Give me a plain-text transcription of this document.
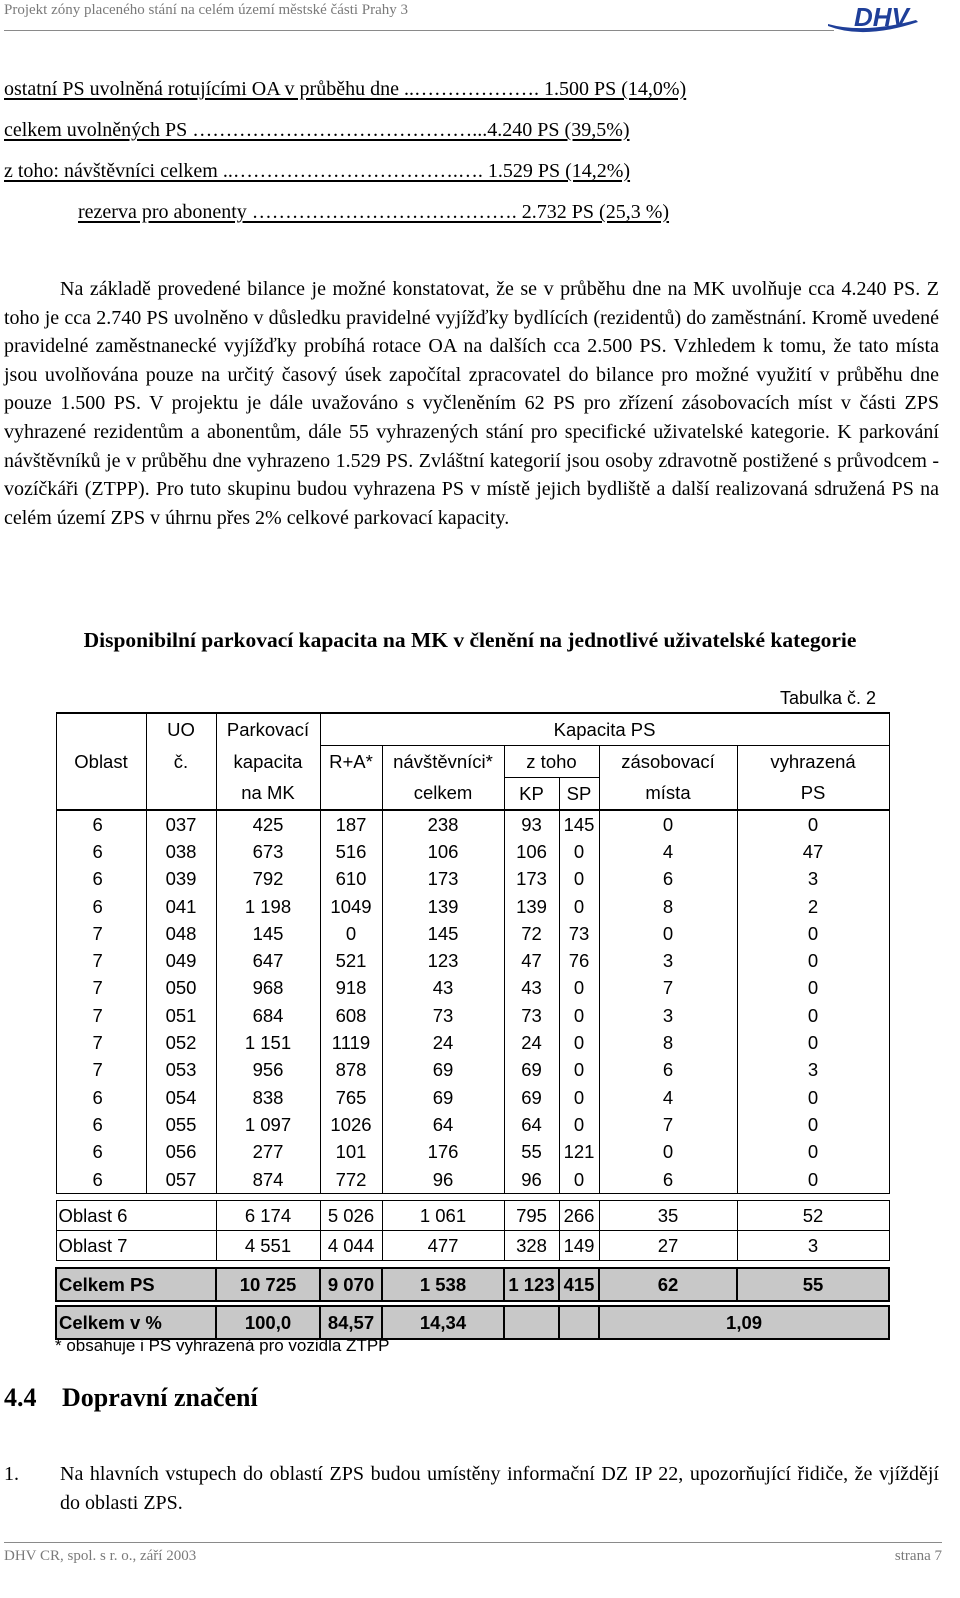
Projekt zóny placeného stání na celém území městské části Prahy 3	DHV
ostatní PS uvolněná rotujícími OA v průběhu dne ..………………. 1.500 PS (14,0%)
celkem uvolněných PS ……………………………………...4.240 PS (39,5%)
z toho: návštěvníci celkem ..…………………………….…. 1.529 PS (14,2%)
rezerva pro abonenty …………………………………. 2.732 PS (25,3 %)
Na základě provedené bilance je možné konstatovat, že se v průběhu dne na MK uvolňuje cca 4.240 PS. Z toho je cca 2.740 PS uvolněno v důsledku pravidelné vyjížďky bydlících (rezidentů) do zaměstnání. Kromě uvedené pravidelné zaměstnanecké vyjížďky probíhá rotace OA na dalších cca 2.500 PS. Vzhledem k tomu, že tato místa jsou uvolňována pouze na určitý časový úsek započítal zpracovatel do bilance pro možné využití v průběhu dne pouze 1.500 PS. V projektu je dále uvažováno s vyčleněním 62 PS pro zřízení zásobovacích míst v části ZPS vyhrazené rezidentům a abonentům, dále 55 vyhrazených stání pro specifické uživatelské kategorie. K parkování návštěvníků je v průběhu dne vyhrazeno 1.529 PS. Zvláštní kategorií jsou osoby zdravotně postižené s průvodcem - vozíčkáři (ZTPP). Pro tuto skupinu budou vyhrazena PS v místě jejich bydliště a další realizovaná sdružená PS na celém území ZPS v úhrnu přes 2% celkové parkovací kapacity.
Disponibilní parkovací kapacita na MK v členění na jednotlivé uživatelské kategorie
Tabulka č. 2
Oblast	UO	Parkovací	Kapacita PS					
	č.	kapacita	R+A*	návštěvníci*	z toho		zásobovací	vyhrazená
		na MK		celkem	KP	SP	místa	PS
6	037	425	187	238	93	145	0	0
6	038	673	516	106	106	0	4	47
6	039	792	610	173	173	0	6	3
6	041	1 198	1049	139	139	0	8	2
7	048	145	0	145	72	73	0	0
7	049	647	521	123	47	76	3	0
7	050	968	918	43	43	0	7	0
7	051	684	608	73	73	0	3	0
7	052	1 151	1119	24	24	0	8	0
7	053	956	878	69	69	0	6	3
6	054	838	765	69	69	0	4	0
6	055	1 097	1026	64	64	0	7	0
6	056	277	101	176	55	121	0	0
6	057	874	772	96	96	0	6	0

Oblast 6		6 174	5 026	1 061	795	266	35	52
Oblast 7		4 551	4 044	477	328	149	27	3

Celkem PS		10 725	9 070	1 538	1 123	415	62	55

Celkem v %		100,0	84,57	14,34			1,09	
* obsahuje i PS vyhrazená pro vozidla ZTPP
4.4 Dopravní značení
1. Na hlavních vstupech do oblastí ZPS budou umístěny informační DZ IP 22, upozorňující řidiče, že vjíždějí do oblasti ZPS.
DHV CR, spol. s r. o., září 2003	strana 7
